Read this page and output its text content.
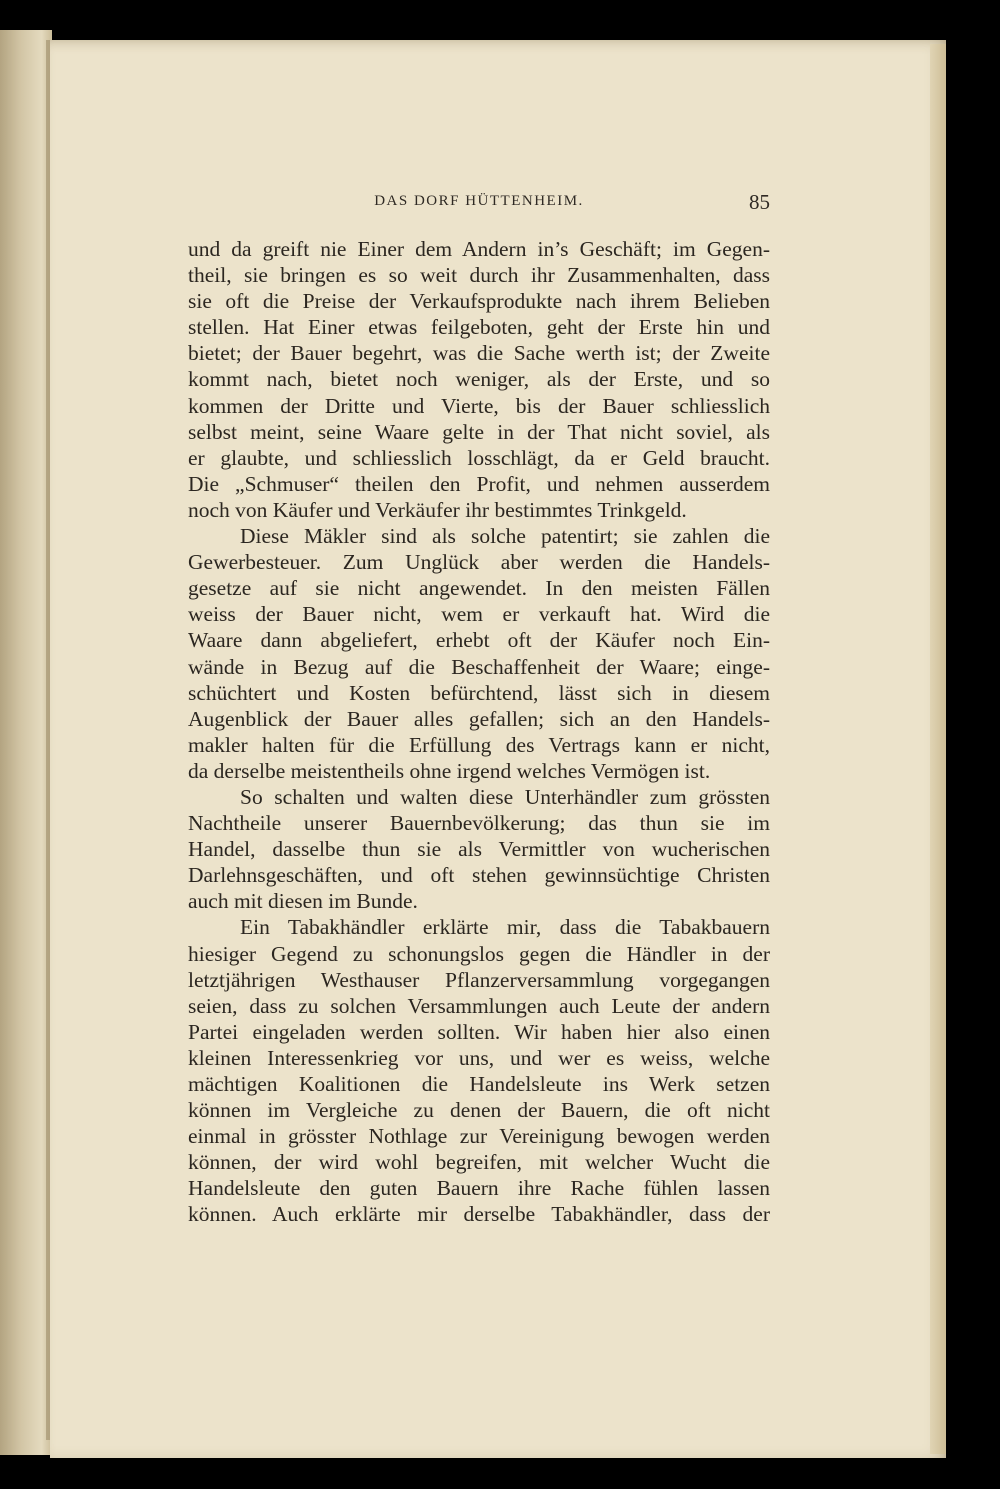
DAS DORF HÜTTENHEIM.	85
und da greift nie Einer dem Andern in’s Geschäft; im Gegen-
theil, sie bringen es so weit durch ihr Zusammenhalten, dass
sie oft die Preise der Verkaufsprodukte nach ihrem Belieben
stellen. Hat Einer etwas feilgeboten, geht der Erste hin und
bietet; der Bauer begehrt, was die Sache werth ist; der Zweite
kommt nach, bietet noch weniger, als der Erste, und so
kommen der Dritte und Vierte, bis der Bauer schliesslich
selbst meint, seine Waare gelte in der That nicht soviel, als
er glaubte, und schliesslich losschlägt, da er Geld braucht.
Die „Schmuser“ theilen den Profit, und nehmen ausserdem
noch von Käufer und Verkäufer ihr bestimmtes Trinkgeld.
Diese Mäkler sind als solche patentirt; sie zahlen die
Gewerbesteuer. Zum Unglück aber werden die Handels-
gesetze auf sie nicht angewendet. In den meisten Fällen
weiss der Bauer nicht, wem er verkauft hat. Wird die
Waare dann abgeliefert, erhebt oft der Käufer noch Ein-
wände in Bezug auf die Beschaffenheit der Waare; einge-
schüchtert und Kosten befürchtend, lässt sich in diesem
Augenblick der Bauer alles gefallen; sich an den Handels-
makler halten für die Erfüllung des Vertrags kann er nicht,
da derselbe meistentheils ohne irgend welches Vermögen ist.
So schalten und walten diese Unterhändler zum grössten
Nachtheile unserer Bauernbevölkerung; das thun sie im
Handel, dasselbe thun sie als Vermittler von wucherischen
Darlehnsgeschäften, und oft stehen gewinnsüchtige Christen
auch mit diesen im Bunde.
Ein Tabakhändler erklärte mir, dass die Tabakbauern
hiesiger Gegend zu schonungslos gegen die Händler in der
letztjährigen Westhauser Pflanzerversammlung vorgegangen
seien, dass zu solchen Versammlungen auch Leute der andern
Partei eingeladen werden sollten. Wir haben hier also einen
kleinen Interessenkrieg vor uns, und wer es weiss, welche
mächtigen Koalitionen die Handelsleute ins Werk setzen
können im Vergleiche zu denen der Bauern, die oft nicht
einmal in grösster Nothlage zur Vereinigung bewogen werden
können, der wird wohl begreifen, mit welcher Wucht die
Handelsleute den guten Bauern ihre Rache fühlen lassen
können. Auch erklärte mir derselbe Tabakhändler, dass der
